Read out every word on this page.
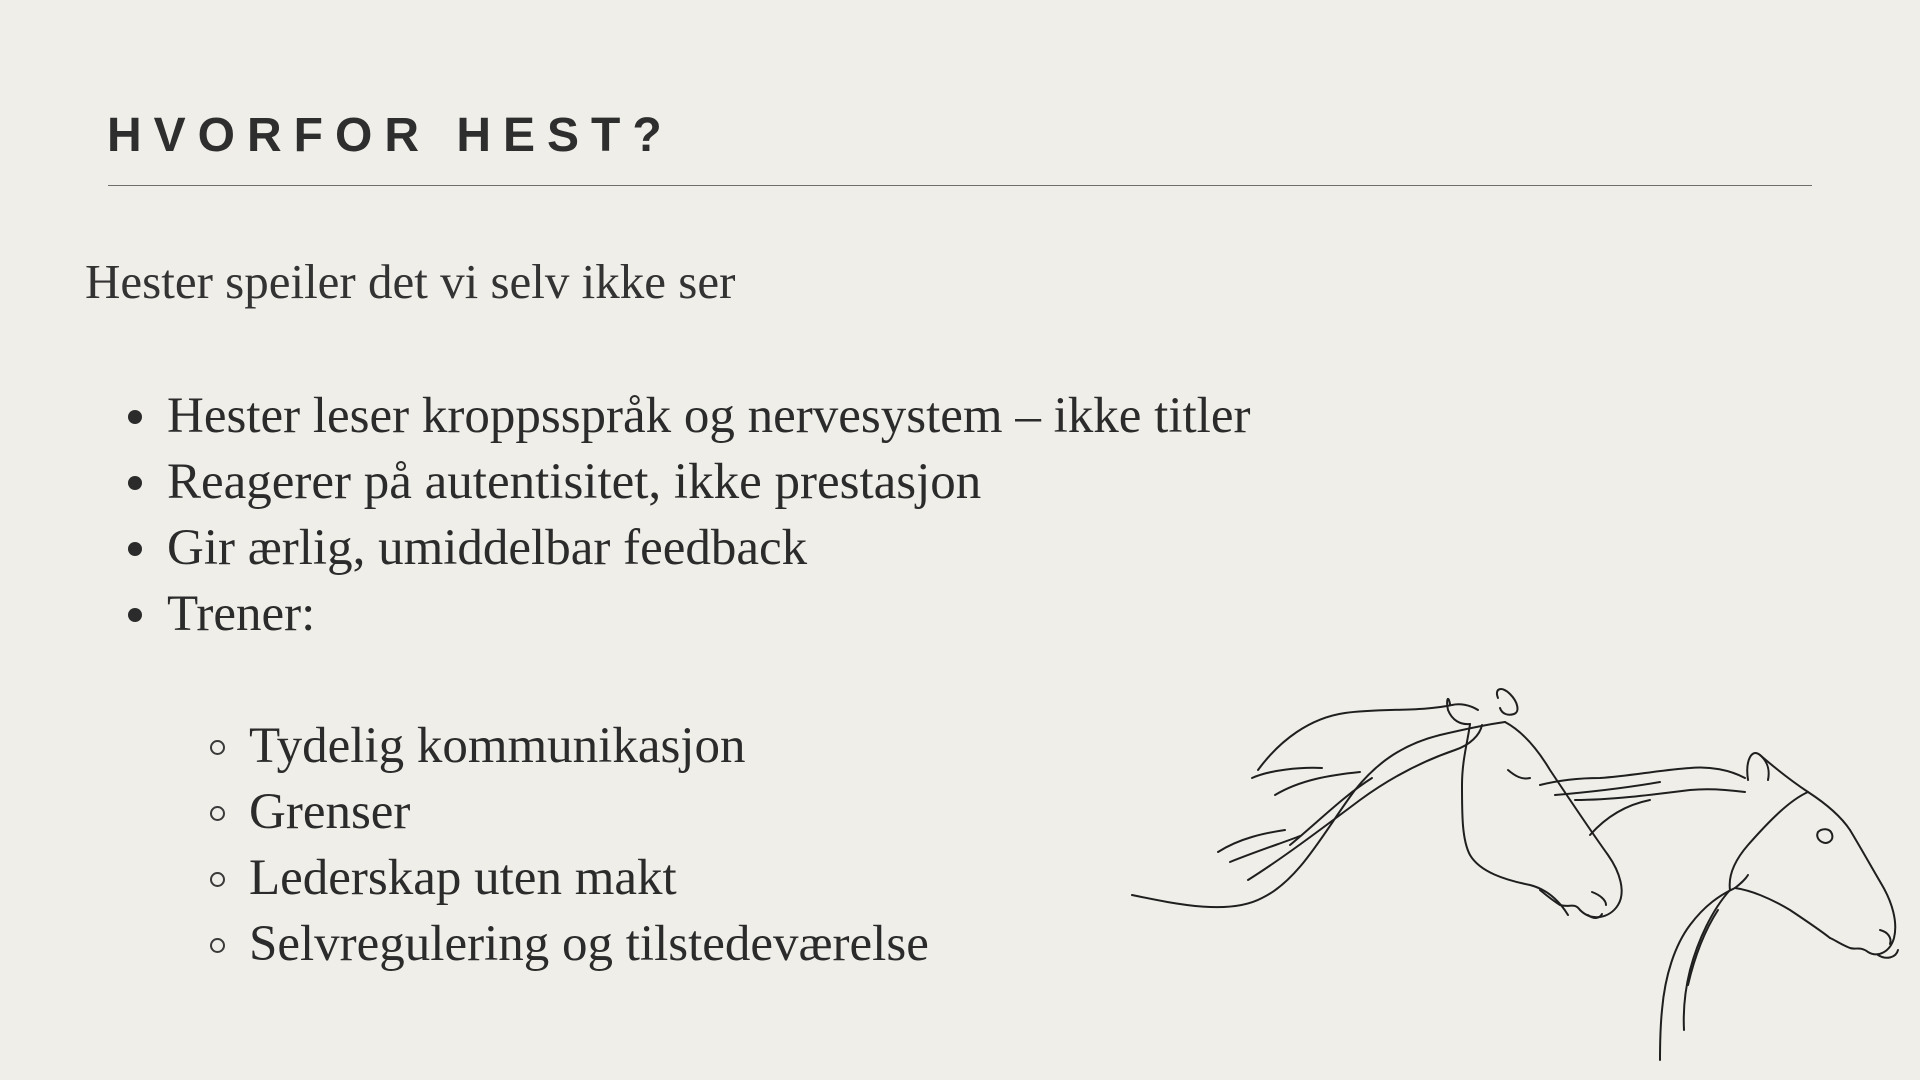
HVORFOR HEST?

Hester speiler det vi selv ikke ser

Hester leser kroppsspråk og nervesystem – ikke titler
Reagerer på autentisitet, ikke prestasjon
Gir ærlig, umiddelbar feedback
Trener:
Tydelig kommunikasjon
Grenser
Lederskap uten makt
Selvregulering og tilstedeværelse
